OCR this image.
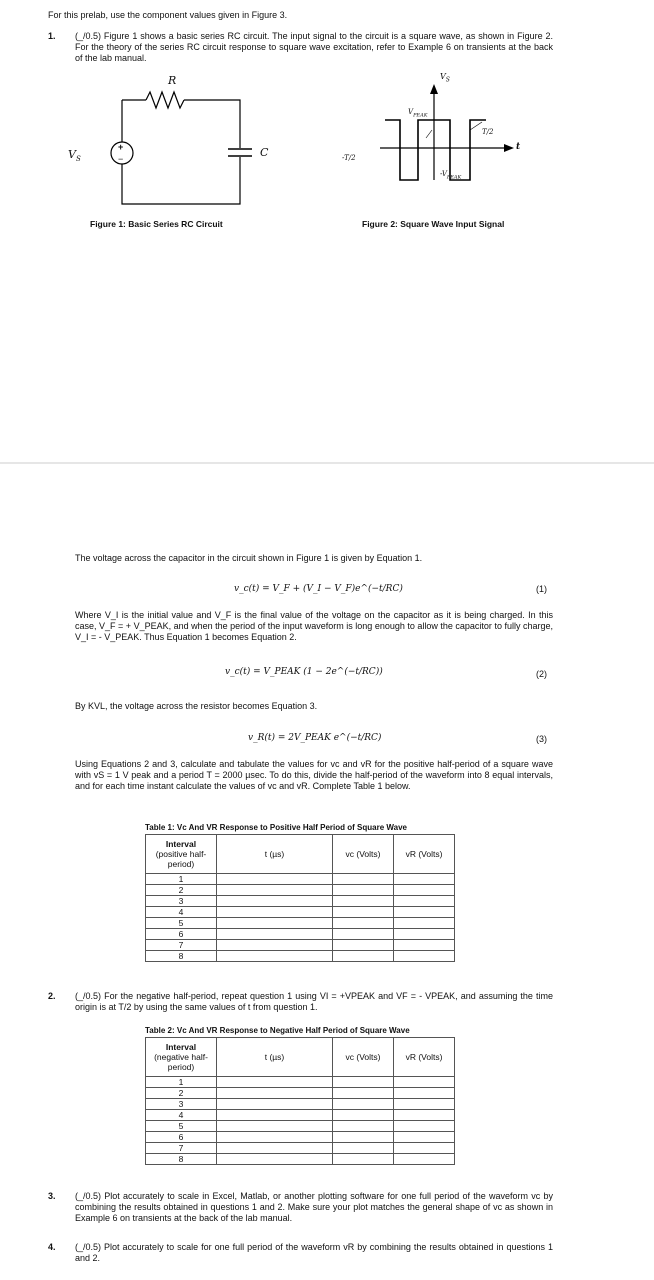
For this prelab, use the component values given in Figure 3.
1. (_/0.5) Figure 1 shows a basic series RC circuit. The input signal to the circuit is a square wave, as shown in Figure 2. For the theory of the series RC circuit response to square wave excitation, refer to Example 6 on transients at the back of the lab manual.
R
C
+
−
$V_S$
Figure 1: Basic Series RC Circuit
$V_S$
$V_{PEAK}$
T/2
t
-T/2
$-V_{PEAK}$
Figure 2: Square Wave Input Signal
The voltage across the capacitor in the circuit shown in Figure 1 is given by Equation 1.
v_c(t) = V_F + (V_I − V_F)e^(−t/RC)	(1)
Where V_I is the initial value and V_F is the final value of the voltage on the capacitor as it is being charged. In this case, V_F = + V_PEAK, and when the period of the input waveform is long enough to allow the capacitor to fully charge, V_I = - V_PEAK. Thus Equation 1 becomes Equation 2.
v_c(t) = V_PEAK (1 − 2e^(−t/RC))	(2)
By KVL, the voltage across the resistor becomes Equation 3.
v_R(t) = 2V_PEAK e^(−t/RC)	(3)
Using Equations 2 and 3, calculate and tabulate the values for vc and vR for the positive half-period of a square wave with vS = 1 V peak and a period T = 2000 µsec. To do this, divide the half-period of the waveform into 8 equal intervals, and for each time instant calculate the values of vc and vR. Complete Table 1 below.
Table 1: Vc And VR Response to Positive Half Period of Square Wave
Interval
(positive half-
period)	t (µs)	vc (Volts)	vR (Volts)
1			
2			
3			
4			
5			
6			
7			
8			
2. (_/0.5) For the negative half-period, repeat question 1 using VI = +VPEAK and VF = - VPEAK, and assuming the time origin is at T/2 by using the same values of t from question 1.
Table 2: Vc And VR Response to Negative Half Period of Square Wave
Interval
(negative half-
period)	t (µs)	vc (Volts)	vR (Volts)
1			
2			
3			
4			
5			
6			
7			
8			
3. (_/0.5) Plot accurately to scale in Excel, Matlab, or another plotting software for one full period of the waveform vc by combining the results obtained in questions 1 and 2. Make sure your plot matches the general shape of vc as shown in Example 6 on transients at the back of the lab manual.
4. (_/0.5) Plot accurately to scale for one full period of the waveform vR by combining the results obtained in questions 1 and 2.
